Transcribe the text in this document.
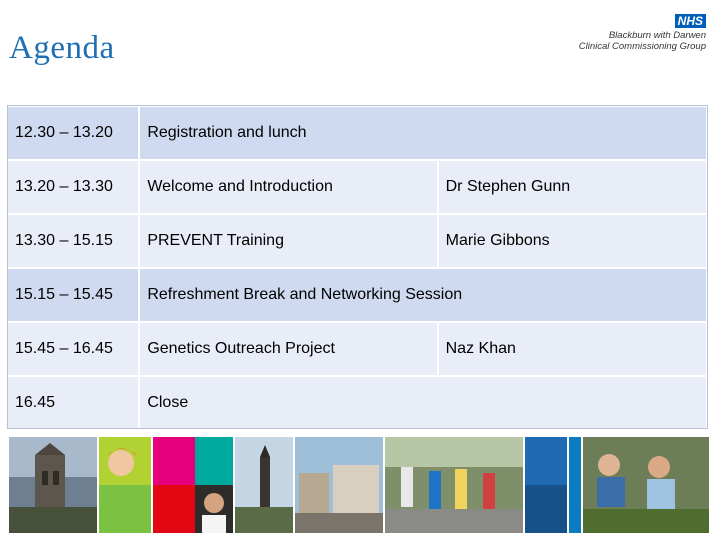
Agenda
NHS
Blackburn with Darwen
Clinical Commissioning Group
12.30 – 13.20	Registration and lunch	
13.20 – 13.30	Welcome and Introduction	Dr Stephen Gunn
13.30 – 15.15	PREVENT Training	Marie Gibbons
15.15 – 15.45	Refreshment Break and Networking Session	
15.45 – 16.45	Genetics Outreach Project	Naz Khan
16.45	Close	
